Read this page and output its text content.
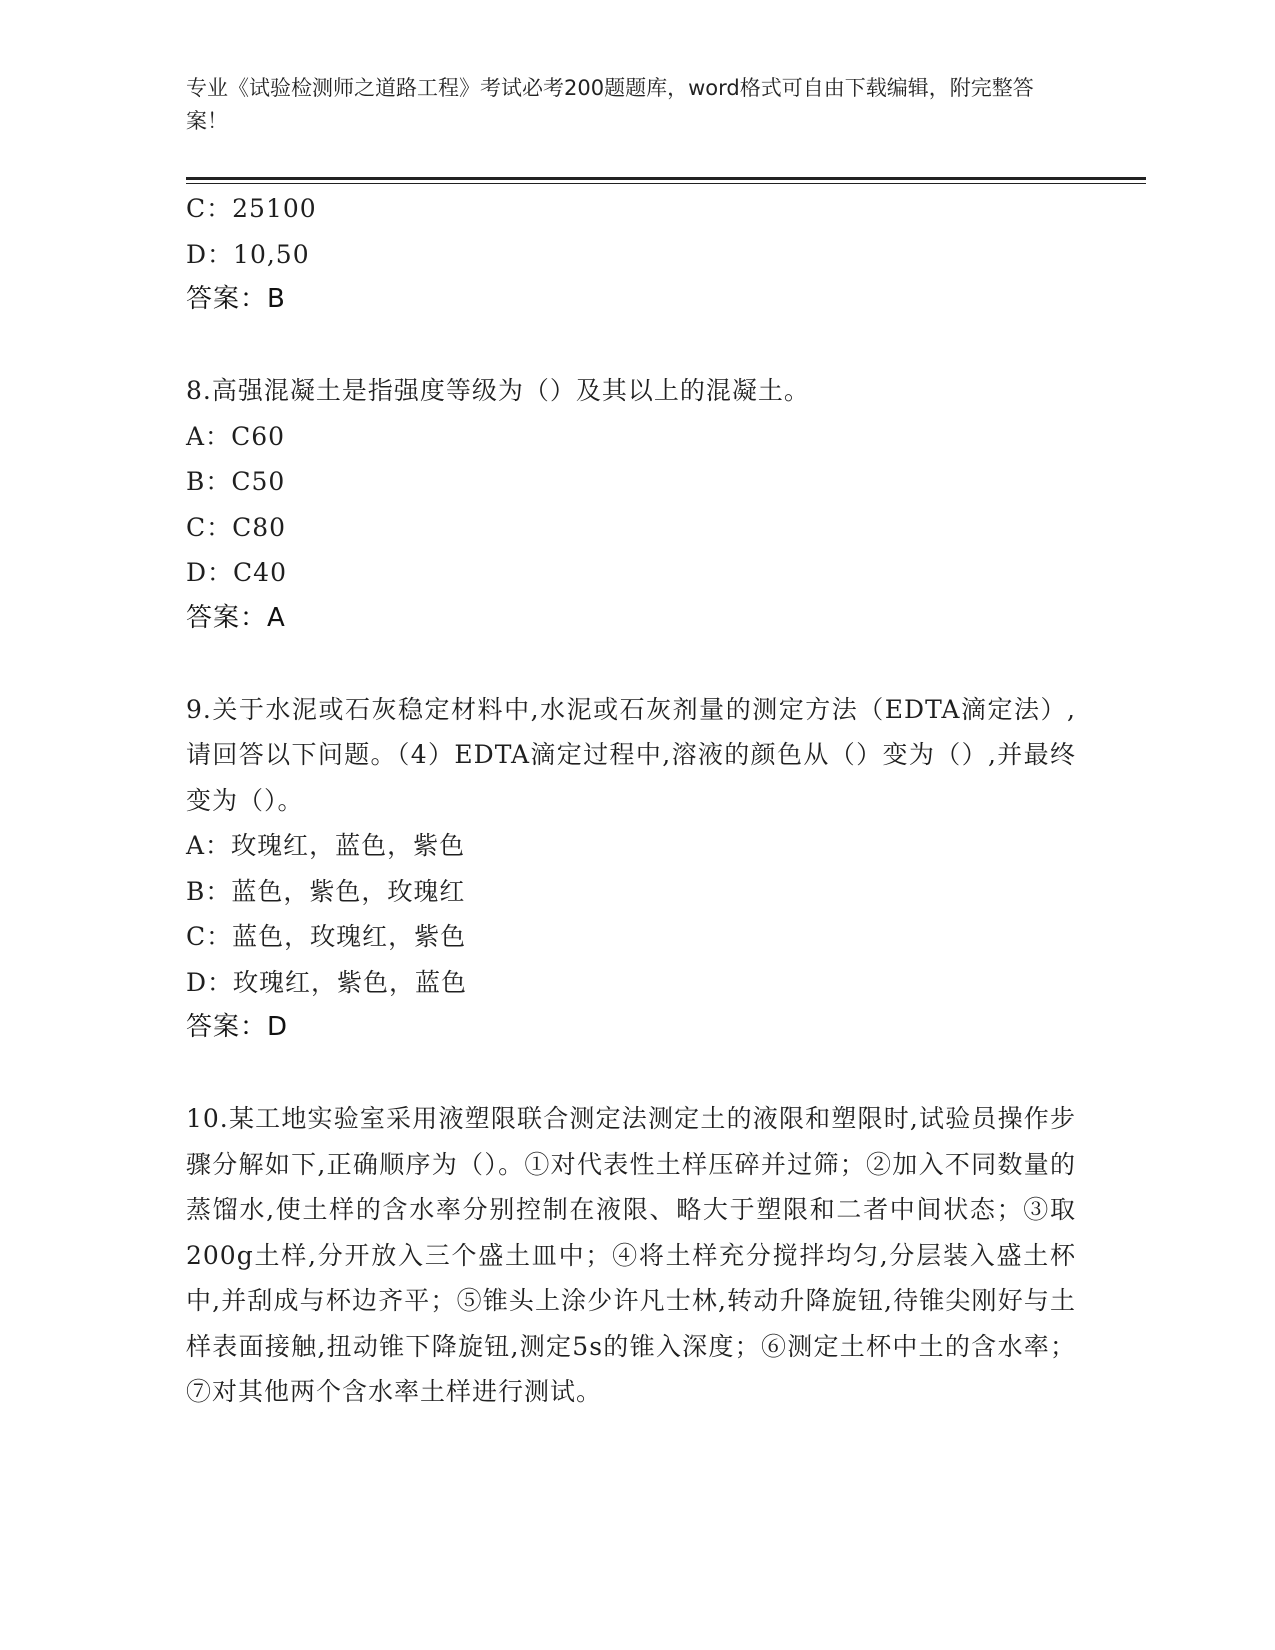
专业《试验检测师之道路工程》考试必考200题题库，word格式可自由下载编辑，附完整答案！
C：25100
D：10,50
答案：B
8.高强混凝土是指强度等级为（）及其以上的混凝土。
A：C60
B：C50
C：C80
D：C40
答案：A
9.关于水泥或石灰稳定材料中,水泥或石灰剂量的测定方法（EDTA滴定法）,请回答以下问题。（4）EDTA滴定过程中,溶液的颜色从（）变为（）,并最终变为（）。
A：玫瑰红，蓝色，紫色
B：蓝色，紫色，玫瑰红
C：蓝色，玫瑰红，紫色
D：玫瑰红，紫色，蓝色
答案：D
10.某工地实验室采用液塑限联合测定法测定土的液限和塑限时,试验员操作步骤分解如下,正确顺序为（）。①对代表性土样压碎并过筛；②加入不同数量的蒸馏水,使土样的含水率分别控制在液限、略大于塑限和二者中间状态；③取200g土样,分开放入三个盛土皿中；④将土样充分搅拌均匀,分层装入盛土杯中,并刮成与杯边齐平；⑤锥头上涂少许凡士林,转动升降旋钮,待锥尖刚好与土样表面接触,扭动锥下降旋钮,测定5s的锥入深度；⑥测定土杯中土的含水率；⑦对其他两个含水率土样进行测试。
